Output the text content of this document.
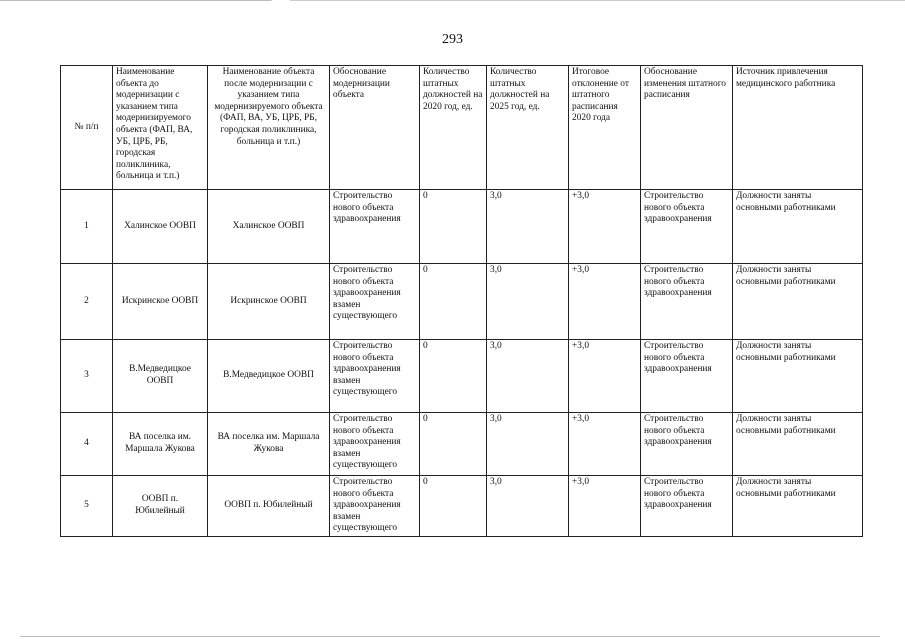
293
№ п/п	Наименование объекта до модернизации с указанием типа модернизируемого объекта (ФАП, ВА, УБ, ЦРБ, РБ, городская поликлиника, больница и т.п.)	Наименование объекта после модернизации с указанием типа модернизируемого объекта (ФАП, ВА, УБ, ЦРБ, РБ, городская поликлиника, больница и т.п.)	Обоснование модернизации объекта	Количество штатных должностей на 2020 год, ед.	Количество штатных должностей на 2025 год, ед.	Итоговое отклонение от штатного расписания 2020 года	Обоснование изменения штатного расписания	Источник привлечения медицинского работника
1	Халинское ООВП	Халинское ООВП	Строительство нового объекта здравоохранения	0	3,0	+3,0	Строительство нового объекта здравоохранения	Должности заняты основными работниками
2	Искринское ООВП	Искринское ООВП	Строительство нового объекта здравоохранения взамен существующего	0	3,0	+3,0	Строительство нового объекта здравоохранения	Должности заняты основными работниками
3	В.Медведицкое ООВП	В.Медведицкое ООВП	Строительство нового объекта здравоохранения взамен существующего	0	3,0	+3,0	Строительство нового объекта здравоохранения	Должности заняты основными работниками
4	ВА поселка им. Маршала Жукова	ВА поселка им. Маршала Жукова	Строительство нового объекта здравоохранения взамен существующего	0	3,0	+3,0	Строительство нового объекта здравоохранения	Должности заняты основными работниками
5	ООВП п. Юбилейный	ООВП п. Юбилейный	Строительство нового объекта здравоохранения взамен существующего	0	3,0	+3,0	Строительство нового объекта здравоохранения	Должности заняты основными работниками
